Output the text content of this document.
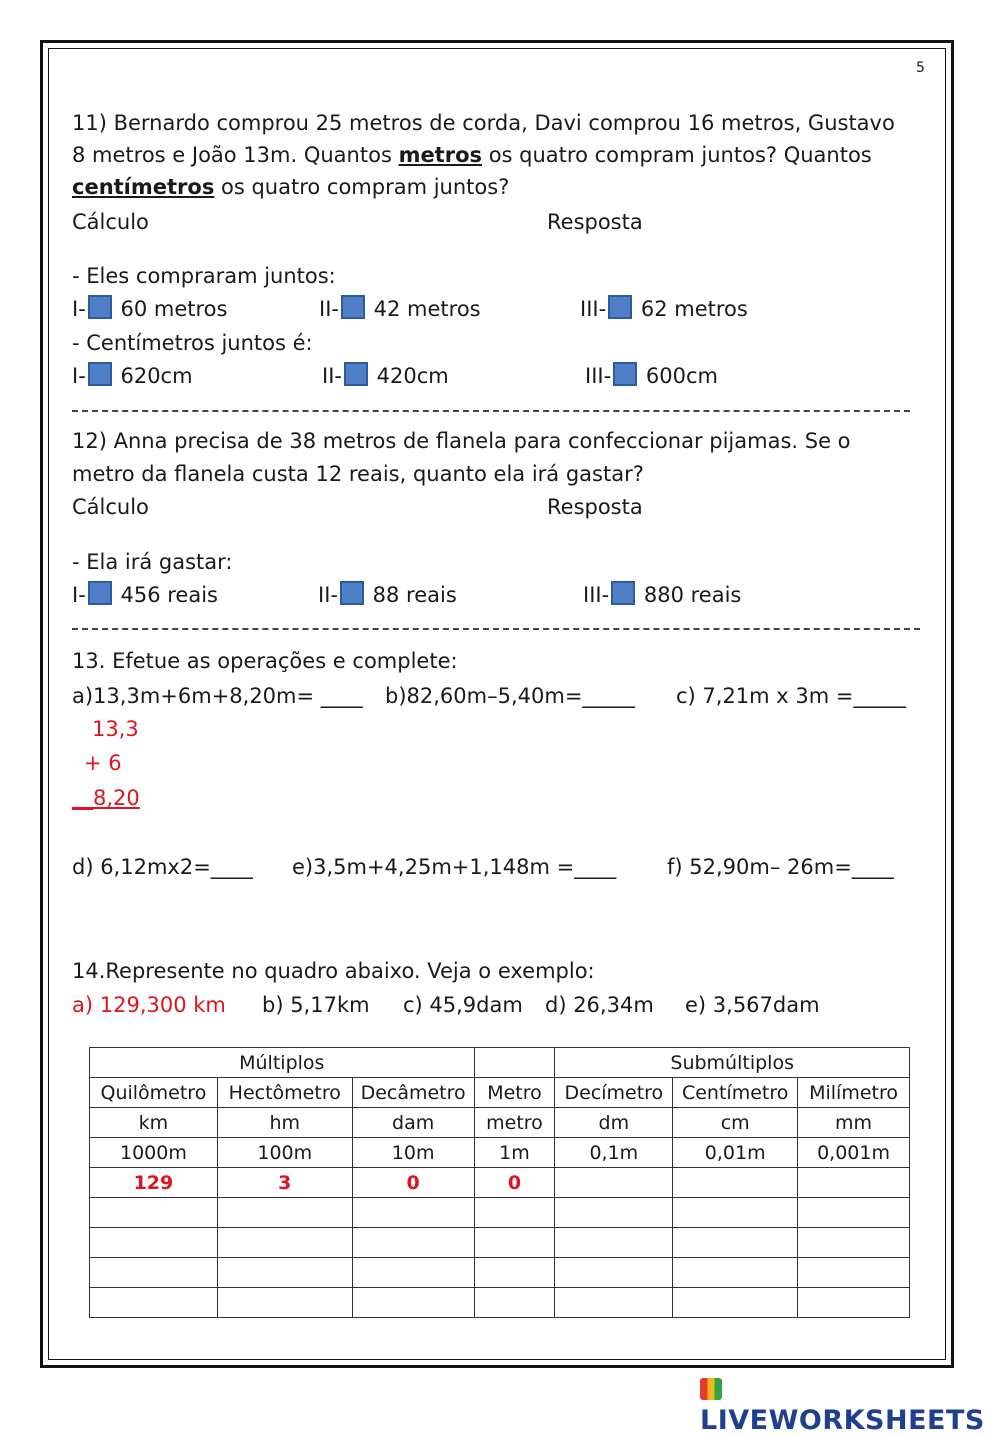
5
11) Bernardo comprou 25 metros de corda, Davi comprou 16 metros, Gustavo
8 metros e João 13m. Quantos metros os quatro compram juntos? Quantos
centímetros os quatro compram juntos?
Cálculo	Resposta
- Eles compraram juntos:
I- 60 metros	II- 42 metros	III- 62 metros
- Centímetros juntos é:
I- 620cm	II- 420cm	III- 600cm
12) Anna precisa de 38 metros de flanela para confeccionar pijamas. Se o
metro da flanela custa 12 reais, quanto ela irá gastar?
Cálculo	Resposta
- Ela irá gastar:
I- 456 reais	II- 88 reais	III- 880 reais
13. Efetue as operações e complete:
a)13,3m+6m+8,20m= ____ b)82,60m–5,40m=_____ c) 7,21m x 3m =_____
13,3
+ 6
__8,20
d) 6,12mx2=____ e)3,5m+4,25m+1,148m =____ f) 52,90m– 26m=____
14.Represente no quadro abaixo. Veja o exemplo:
a) 129,300 km b) 5,17km c) 45,9dam d) 26,34m e) 3,567dam
Múltiplos				Submúltiplos		
Quilômetro	Hectômetro	Decâmetro	Metro	Decímetro	Centímetro	Milímetro
km	hm	dam	metro	dm	cm	mm
1000m	100m	10m	1m	0,1m	0,01m	0,001m
129	3	0	0			

LIVEWORKSHEETS
